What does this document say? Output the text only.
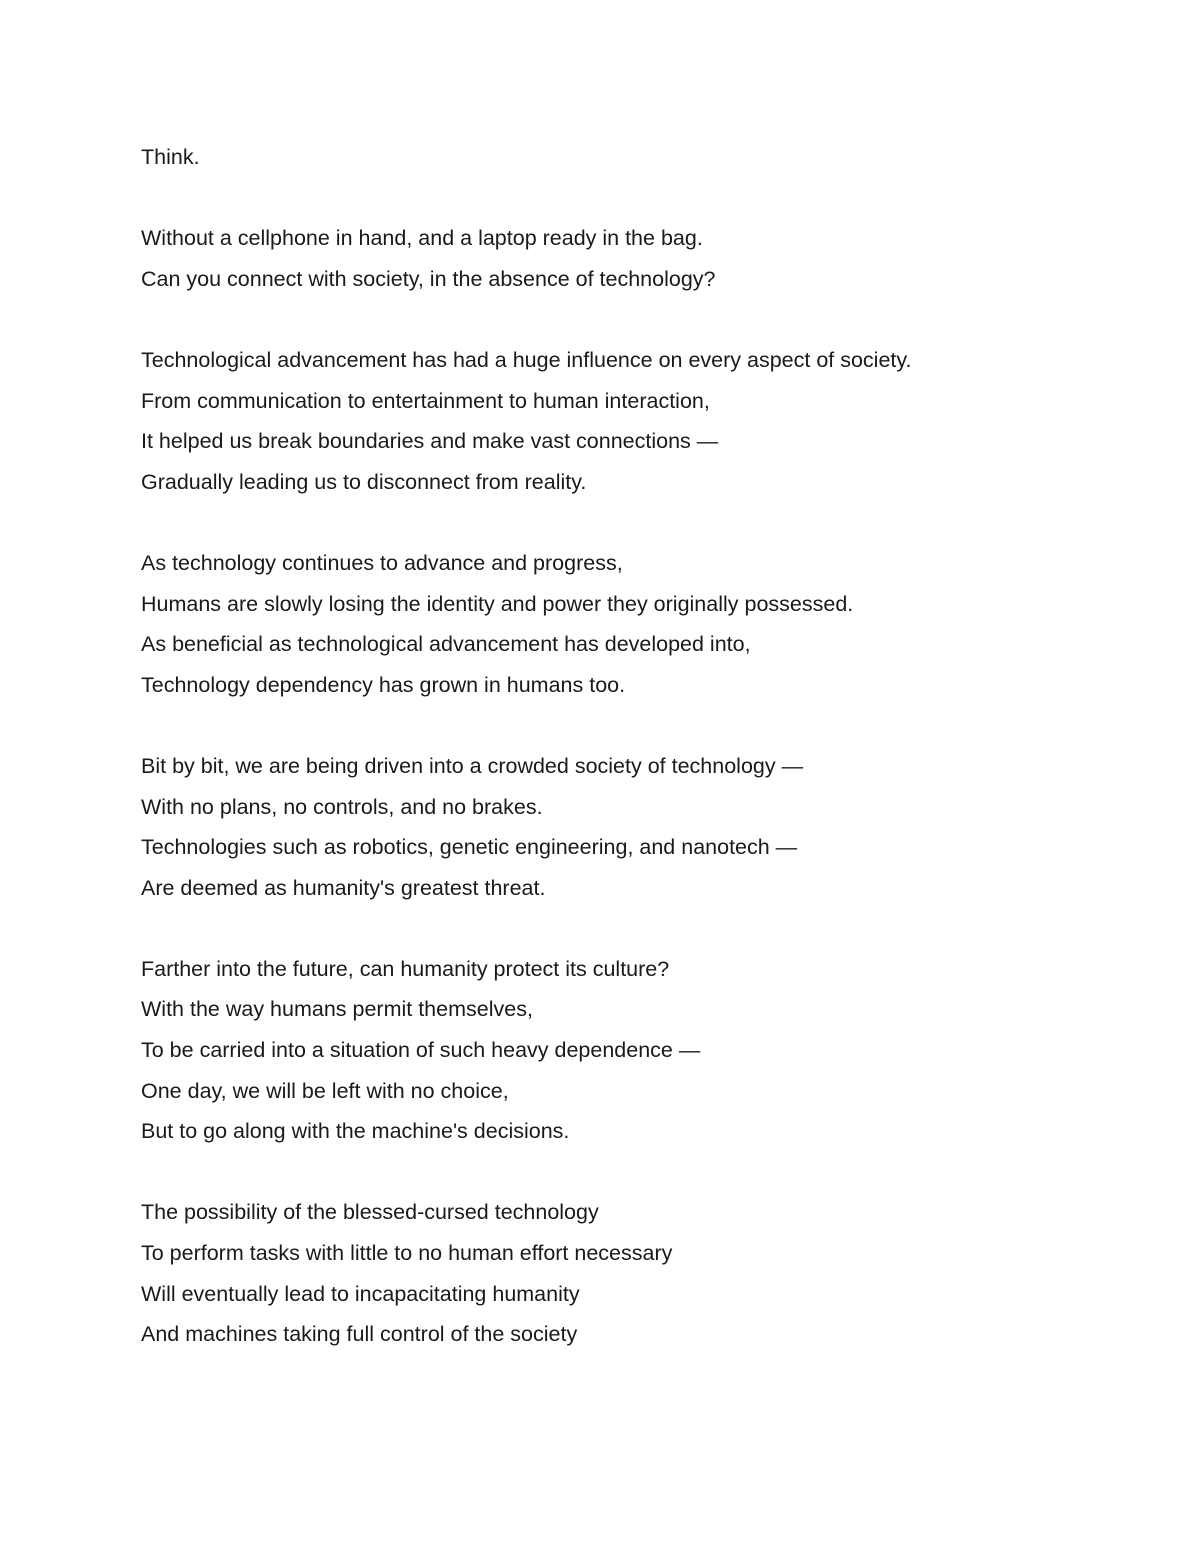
Think.
Without a cellphone in hand, and a laptop ready in the bag.
Can you connect with society, in the absence of technology?
Technological advancement has had a huge influence on every aspect of society.
From communication to entertainment to human interaction,
It helped us break boundaries and make vast connections —
Gradually leading us to disconnect from reality.
As technology continues to advance and progress,
Humans are slowly losing the identity and power they originally possessed.
As beneficial as technological advancement has developed into,
Technology dependency has grown in humans too.
Bit by bit, we are being driven into a crowded society of technology —
With no plans, no controls, and no brakes.
Technologies such as robotics, genetic engineering, and nanotech —
Are deemed as humanity's greatest threat.
Farther into the future, can humanity protect its culture?
With the way humans permit themselves,
To be carried into a situation of such heavy dependence —
One day, we will be left with no choice,
But to go along with the machine's decisions.
The possibility of the blessed-cursed technology
To perform tasks with little to no human effort necessary
Will eventually lead to incapacitating humanity
And machines taking full control of the society
